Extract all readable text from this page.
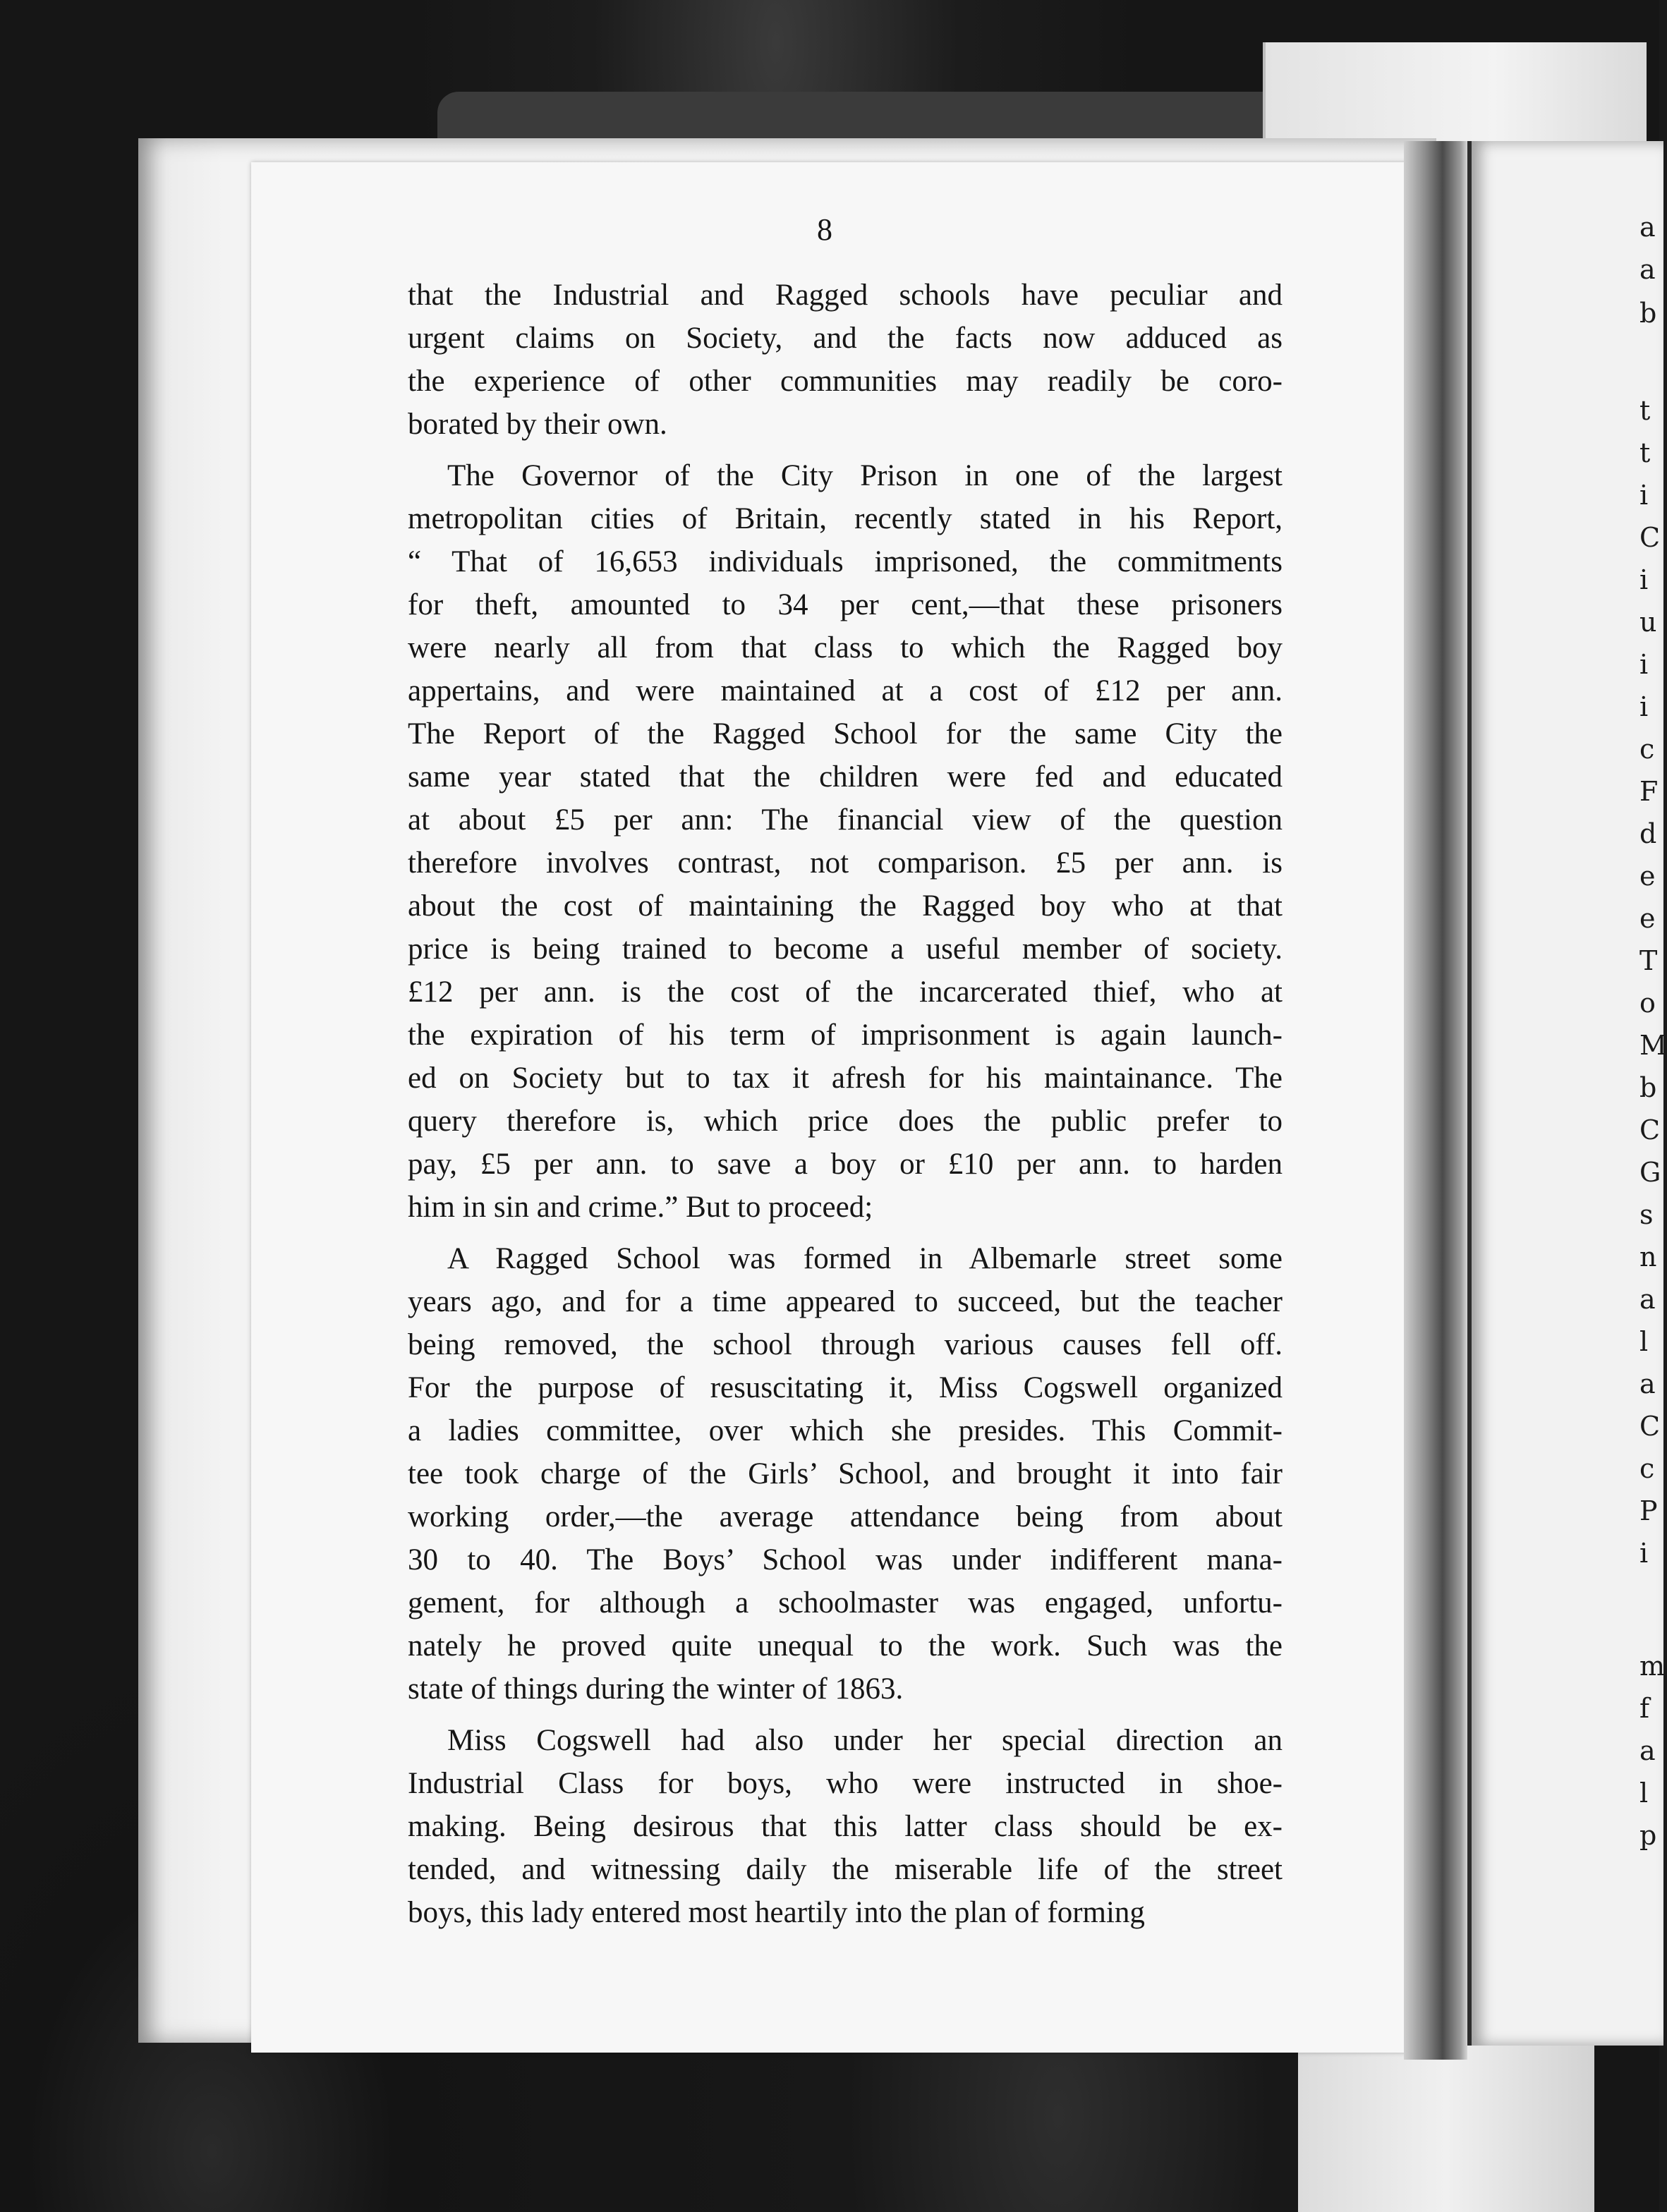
a
a
b
t
t
i
C
i
u
i
i
c
F
d
e
e
T
o
M
b
C
G
s
n
a
l
a
C
c
P
i
m
f
a
l
p
8
that the Industrial and Ragged schools have peculiar and
urgent claims on Society, and the facts now adduced as
the experience of other communities may readily be coro-
borated by their own.
The Governor of the City Prison in one of the largest
metropolitan cities of Britain, recently stated in his Report,
“ That of 16,653 individuals imprisoned, the commitments
for theft, amounted to 34 per cent,—that these prisoners
were nearly all from that class to which the Ragged boy
appertains, and were maintained at a cost of £12 per ann.
The Report of the Ragged School for the same City the
same year stated that the children were fed and educated
at about £5 per ann: The financial view of the question
therefore involves contrast, not comparison. £5 per ann. is
about the cost of maintaining the Ragged boy who at that
price is being trained to become a useful member of society.
£12 per ann. is the cost of the incarcerated thief, who at
the expiration of his term of imprisonment is again launch-
ed on Society but to tax it afresh for his maintainance. The
query therefore is, which price does the public prefer to
pay, £5 per ann. to save a boy or £10 per ann. to harden
him in sin and crime.” But to proceed;
A Ragged School was formed in Albemarle street some
years ago, and for a time appeared to succeed, but the teacher
being removed, the school through various causes fell off.
For the purpose of resuscitating it, Miss Cogswell organized
a ladies committee, over which she presides. This Commit-
tee took charge of the Girls’ School, and brought it into fair
working order,—the average attendance being from about
30 to 40. The Boys’ School was under indifferent mana-
gement, for although a schoolmaster was engaged, unfortu-
nately he proved quite unequal to the work. Such was the
state of things during the winter of 1863.
Miss Cogswell had also under her special direction an
Industrial Class for boys, who were instructed in shoe-
making. Being desirous that this latter class should be ex-
tended, and witnessing daily the miserable life of the street
boys, this lady entered most heartily into the plan of forming
